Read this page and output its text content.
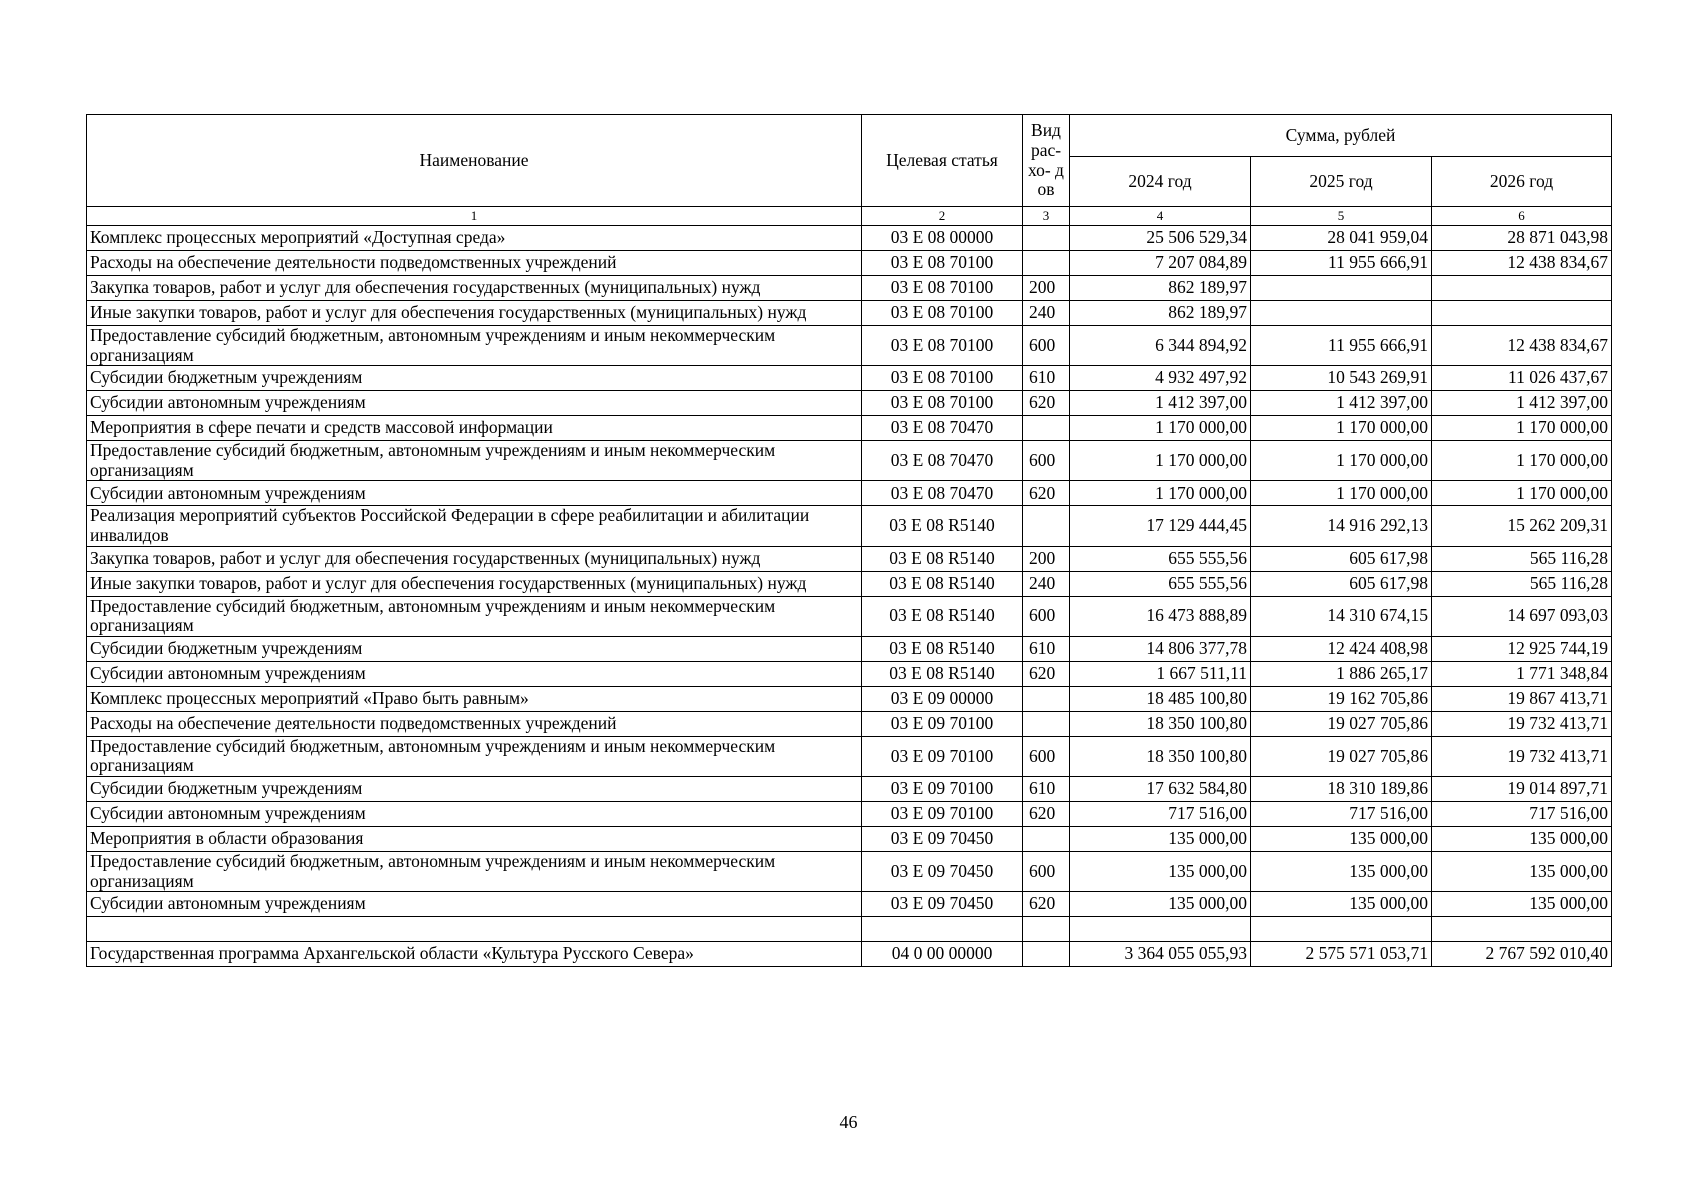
Наименование	Целевая статья	Вид рас- хо- дов	Сумма, рублей		
			2024 год	2025 год	2026 год
1	2	3	4	5	6
Комплекс процессных мероприятий «Доступная среда»	03 E 08 00000		25 506 529,34	28 041 959,04	28 871 043,98
Расходы на обеспечение деятельности подведомственных учреждений	03 E 08 70100		7 207 084,89	11 955 666,91	12 438 834,67
Закупка товаров, работ и услуг для обеспечения государственных (муниципальных) нужд	03 E 08 70100	200	862 189,97		
Иные закупки товаров, работ и услуг для обеспечения государственных (муниципальных) нужд	03 E 08 70100	240	862 189,97		
Предоставление субсидий бюджетным, автономным учреждениям и иным некоммерческим организациям	03 E 08 70100	600	6 344 894,92	11 955 666,91	12 438 834,67
Субсидии бюджетным учреждениям	03 E 08 70100	610	4 932 497,92	10 543 269,91	11 026 437,67
Субсидии автономным учреждениям	03 E 08 70100	620	1 412 397,00	1 412 397,00	1 412 397,00
Мероприятия в сфере печати и средств массовой информации	03 E 08 70470		1 170 000,00	1 170 000,00	1 170 000,00
Предоставление субсидий бюджетным, автономным учреждениям и иным некоммерческим организациям	03 E 08 70470	600	1 170 000,00	1 170 000,00	1 170 000,00
Субсидии автономным учреждениям	03 E 08 70470	620	1 170 000,00	1 170 000,00	1 170 000,00
Реализация мероприятий субъектов Российской Федерации в сфере реабилитации и абилитации инвалидов	03 E 08 R5140		17 129 444,45	14 916 292,13	15 262 209,31
Закупка товаров, работ и услуг для обеспечения государственных (муниципальных) нужд	03 E 08 R5140	200	655 555,56	605 617,98	565 116,28
Иные закупки товаров, работ и услуг для обеспечения государственных (муниципальных) нужд	03 E 08 R5140	240	655 555,56	605 617,98	565 116,28
Предоставление субсидий бюджетным, автономным учреждениям и иным некоммерческим организациям	03 E 08 R5140	600	16 473 888,89	14 310 674,15	14 697 093,03
Субсидии бюджетным учреждениям	03 E 08 R5140	610	14 806 377,78	12 424 408,98	12 925 744,19
Субсидии автономным учреждениям	03 E 08 R5140	620	1 667 511,11	1 886 265,17	1 771 348,84
Комплекс процессных мероприятий «Право быть равным»	03 E 09 00000		18 485 100,80	19 162 705,86	19 867 413,71
Расходы на обеспечение деятельности подведомственных учреждений	03 E 09 70100		18 350 100,80	19 027 705,86	19 732 413,71
Предоставление субсидий бюджетным, автономным учреждениям и иным некоммерческим организациям	03 E 09 70100	600	18 350 100,80	19 027 705,86	19 732 413,71
Субсидии бюджетным учреждениям	03 E 09 70100	610	17 632 584,80	18 310 189,86	19 014 897,71
Субсидии автономным учреждениям	03 E 09 70100	620	717 516,00	717 516,00	717 516,00
Мероприятия в области образования	03 E 09 70450		135 000,00	135 000,00	135 000,00
Предоставление субсидий бюджетным, автономным учреждениям и иным некоммерческим организациям	03 E 09 70450	600	135 000,00	135 000,00	135 000,00
Субсидии автономным учреждениям	03 E 09 70450	620	135 000,00	135 000,00	135 000,00

Государственная программа Архангельской области «Культура Русского Севера»	04 0 00 00000		3 364 055 055,93	2 575 571 053,71	2 767 592 010,40
46
